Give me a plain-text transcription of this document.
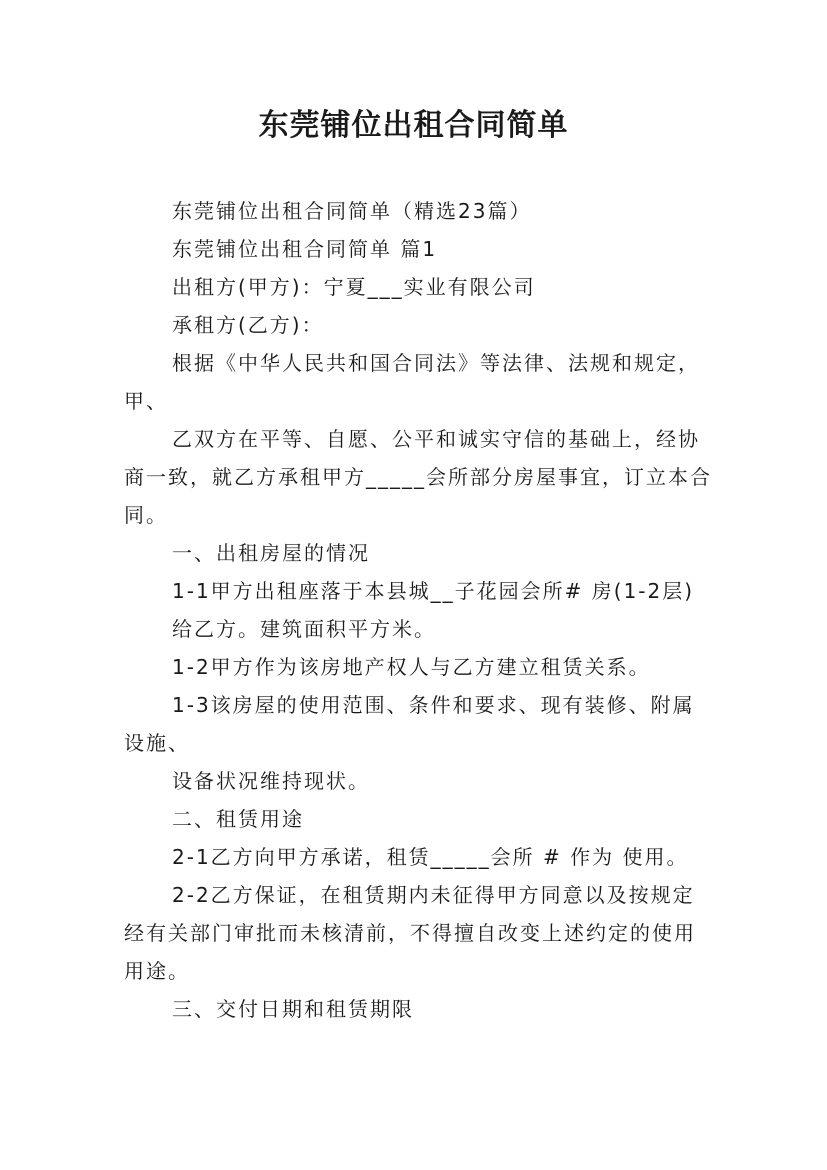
东莞铺位出租合同简单

东莞铺位出租合同简单（精选23篇）

东莞铺位出租合同简单 篇1

出租方(甲方)：宁夏___实业有限公司

承租方(乙方)：

根据《中华人民共和国合同法》等法律、法规和规定，甲、

乙双方在平等、自愿、公平和诚实守信的基础上，经协商一致，就乙方承租甲方_____会所部分房屋事宜，订立本合同。

一、出租房屋的情况

1-1甲方出租座落于本县城__子花园会所# 房(1-2层)

给乙方。建筑面积平方米。

1-2甲方作为该房地产权人与乙方建立租赁关系。

1-3该房屋的使用范围、条件和要求、现有装修、附属设施、

设备状况维持现状。

二、租赁用途

2-1乙方向甲方承诺，租赁_____会所 # 作为 使用。

2-2乙方保证，在租赁期内未征得甲方同意以及按规定经有关部门审批而未核清前，不得擅自改变上述约定的使用用途。

三、交付日期和租赁期限
